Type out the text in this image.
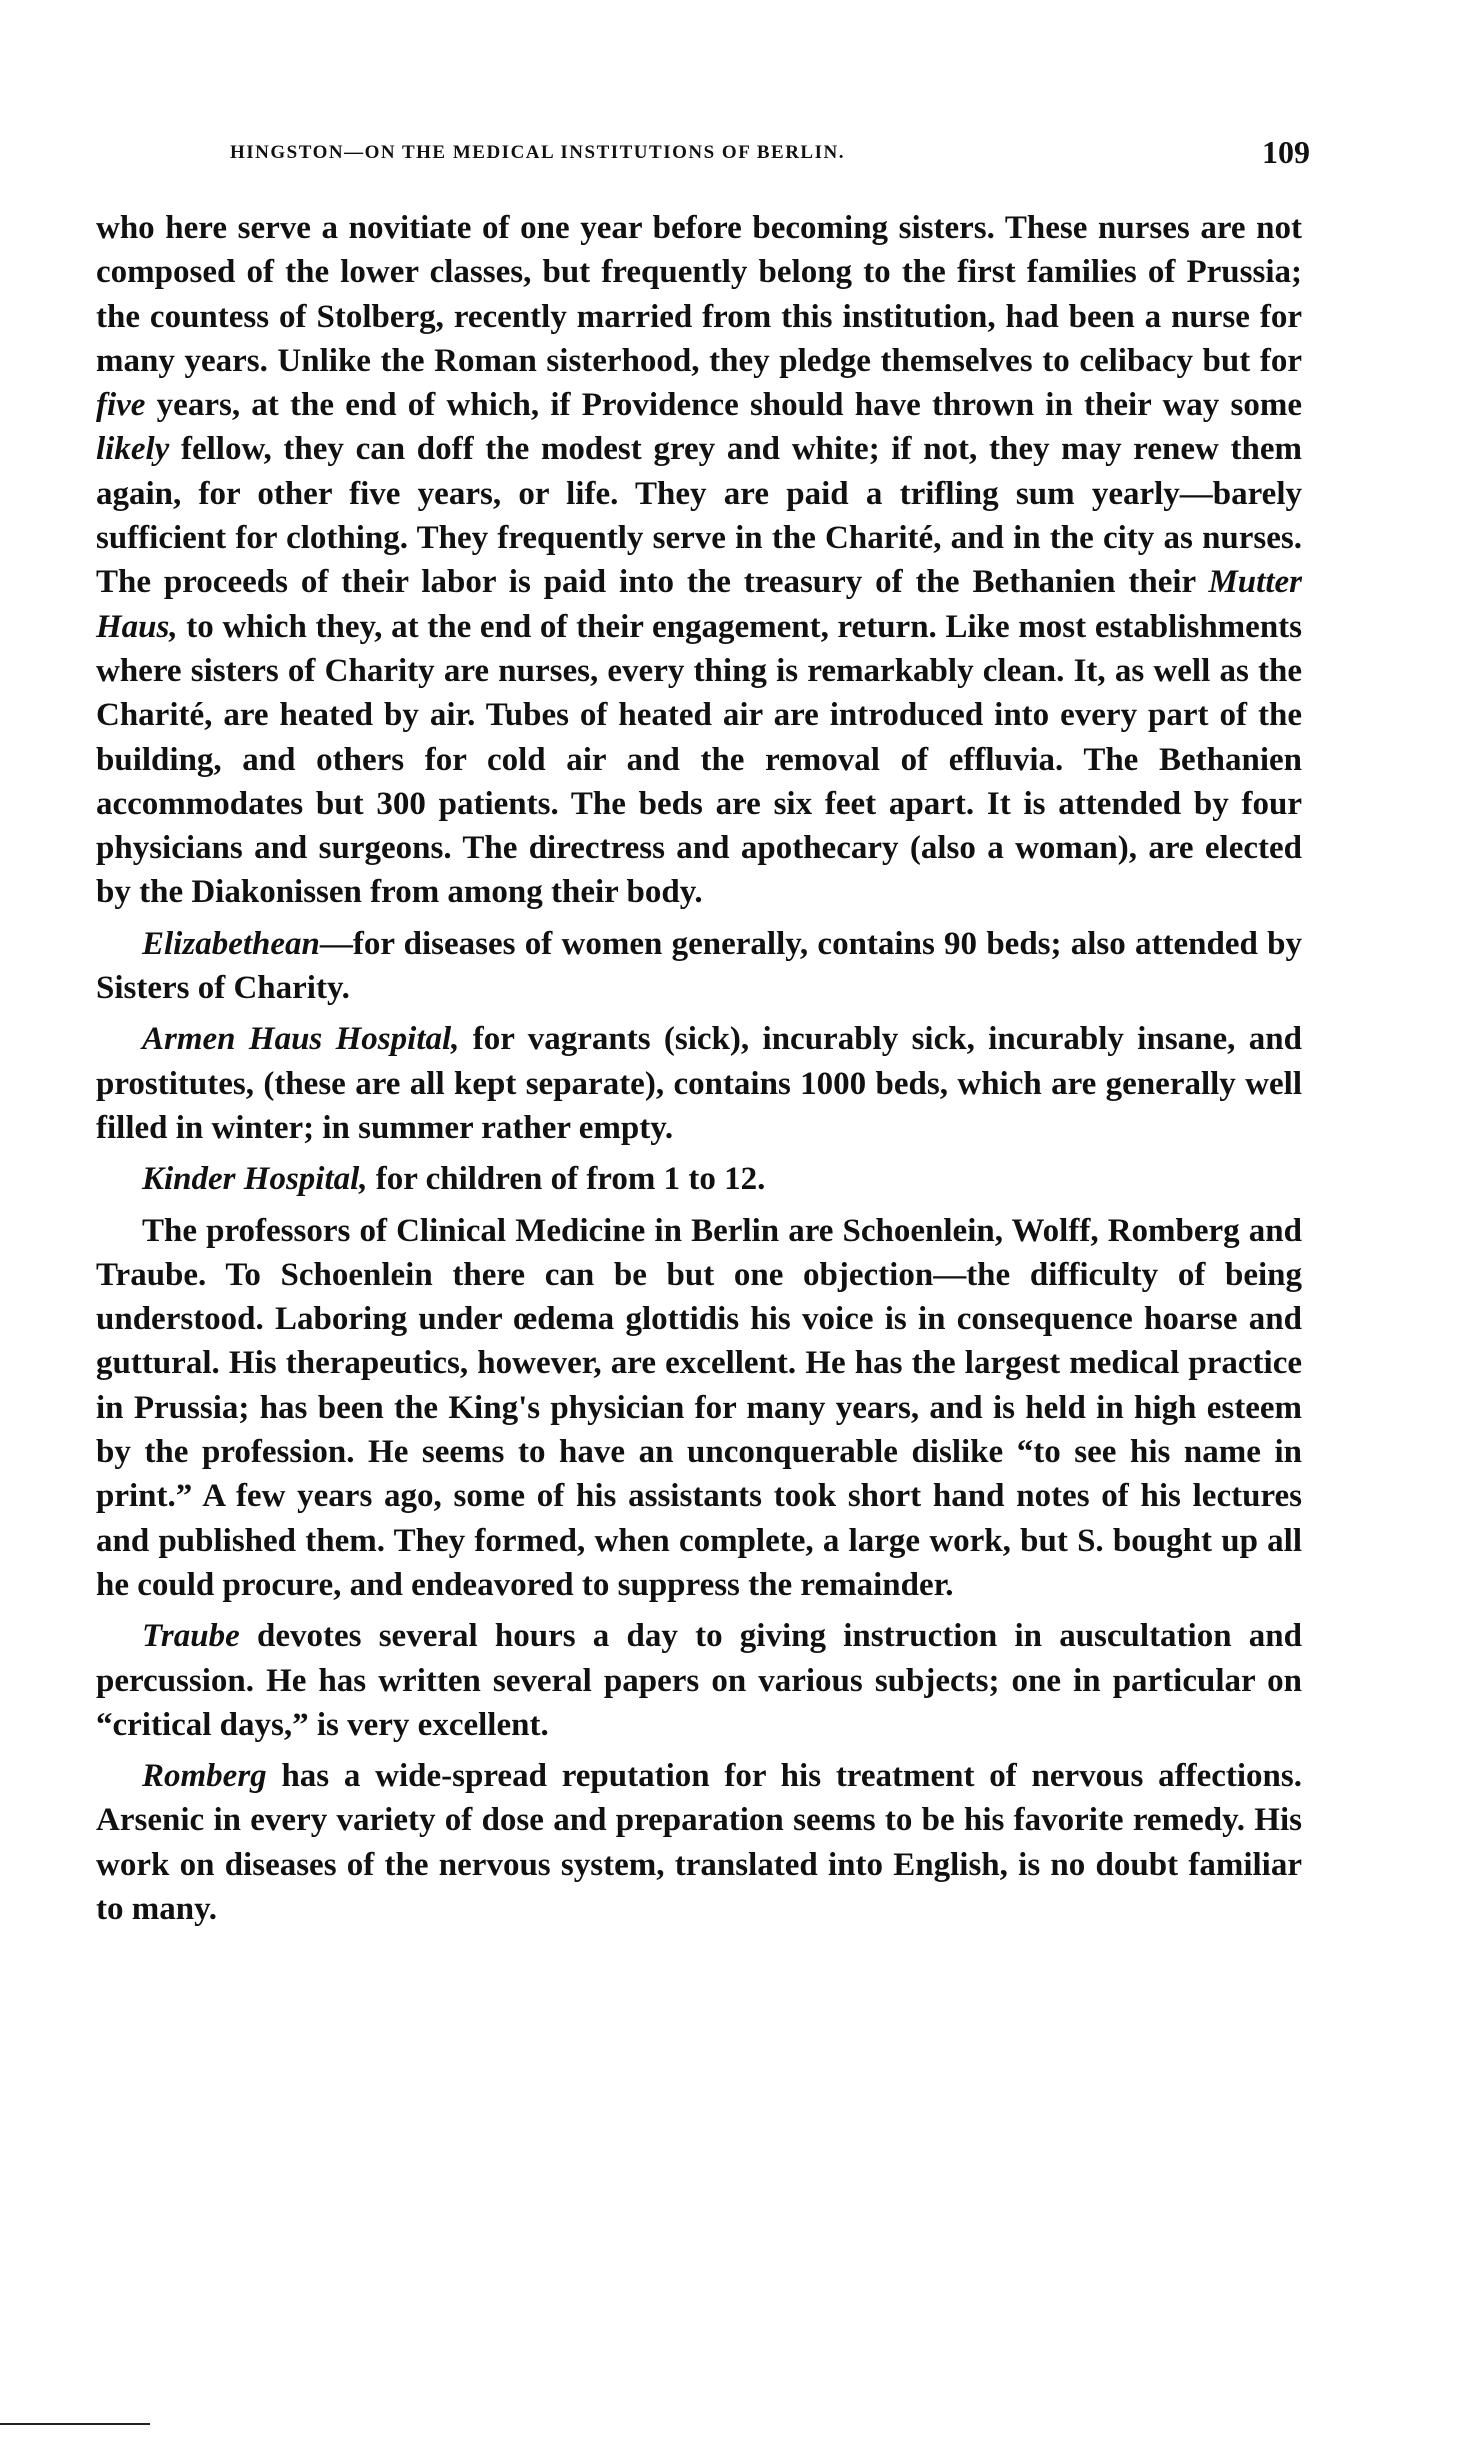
HINGSTON—ON THE MEDICAL INSTITUTIONS OF BERLIN.	109

who here serve a novitiate of one year before becoming sisters. These nurses are not composed of the lower classes, but frequently belong to the first families of Prussia; the countess of Stolberg, recently married from this institution, had been a nurse for many years. Unlike the Roman sisterhood, they pledge themselves to celibacy but for five years, at the end of which, if Providence should have thrown in their way some likely fellow, they can doff the modest grey and white; if not, they may renew them again, for other five years, or life. They are paid a trifling sum yearly—barely sufficient for clothing. They frequently serve in the Charité, and in the city as nurses. The proceeds of their labor is paid into the treasury of the Bethanien their Mutter Haus, to which they, at the end of their engagement, return. Like most establishments where sisters of Charity are nurses, every thing is remarkably clean. It, as well as the Charité, are heated by air. Tubes of heated air are introduced into every part of the building, and others for cold air and the removal of effluvia. The Bethanien accommodates but 300 patients. The beds are six feet apart. It is attended by four physicians and surgeons. The directress and apothecary (also a woman), are elected by the Diakonissen from among their body.

Elizabethean—for diseases of women generally, contains 90 beds; also attended by Sisters of Charity.

Armen Haus Hospital, for vagrants (sick), incurably sick, incurably insane, and prostitutes, (these are all kept separate), contains 1000 beds, which are generally well filled in winter; in summer rather empty.

Kinder Hospital, for children of from 1 to 12.

The professors of Clinical Medicine in Berlin are Schoenlein, Wolff, Romberg and Traube. To Schoenlein there can be but one objection—the difficulty of being understood. Laboring under œdema glottidis his voice is in consequence hoarse and guttural. His therapeutics, however, are excellent. He has the largest medical practice in Prussia; has been the King's physician for many years, and is held in high esteem by the profession. He seems to have an unconquerable dislike “to see his name in print.” A few years ago, some of his assistants took short hand notes of his lectures and published them. They formed, when complete, a large work, but S. bought up all he could procure, and endeavored to suppress the remainder.

Traube devotes several hours a day to giving instruction in auscultation and percussion. He has written several papers on various subjects; one in particular on “critical days,” is very excellent.

Romberg has a wide-spread reputation for his treatment of nervous affections. Arsenic in every variety of dose and preparation seems to be his favorite remedy. His work on diseases of the nervous system, translated into English, is no doubt familiar to many.
